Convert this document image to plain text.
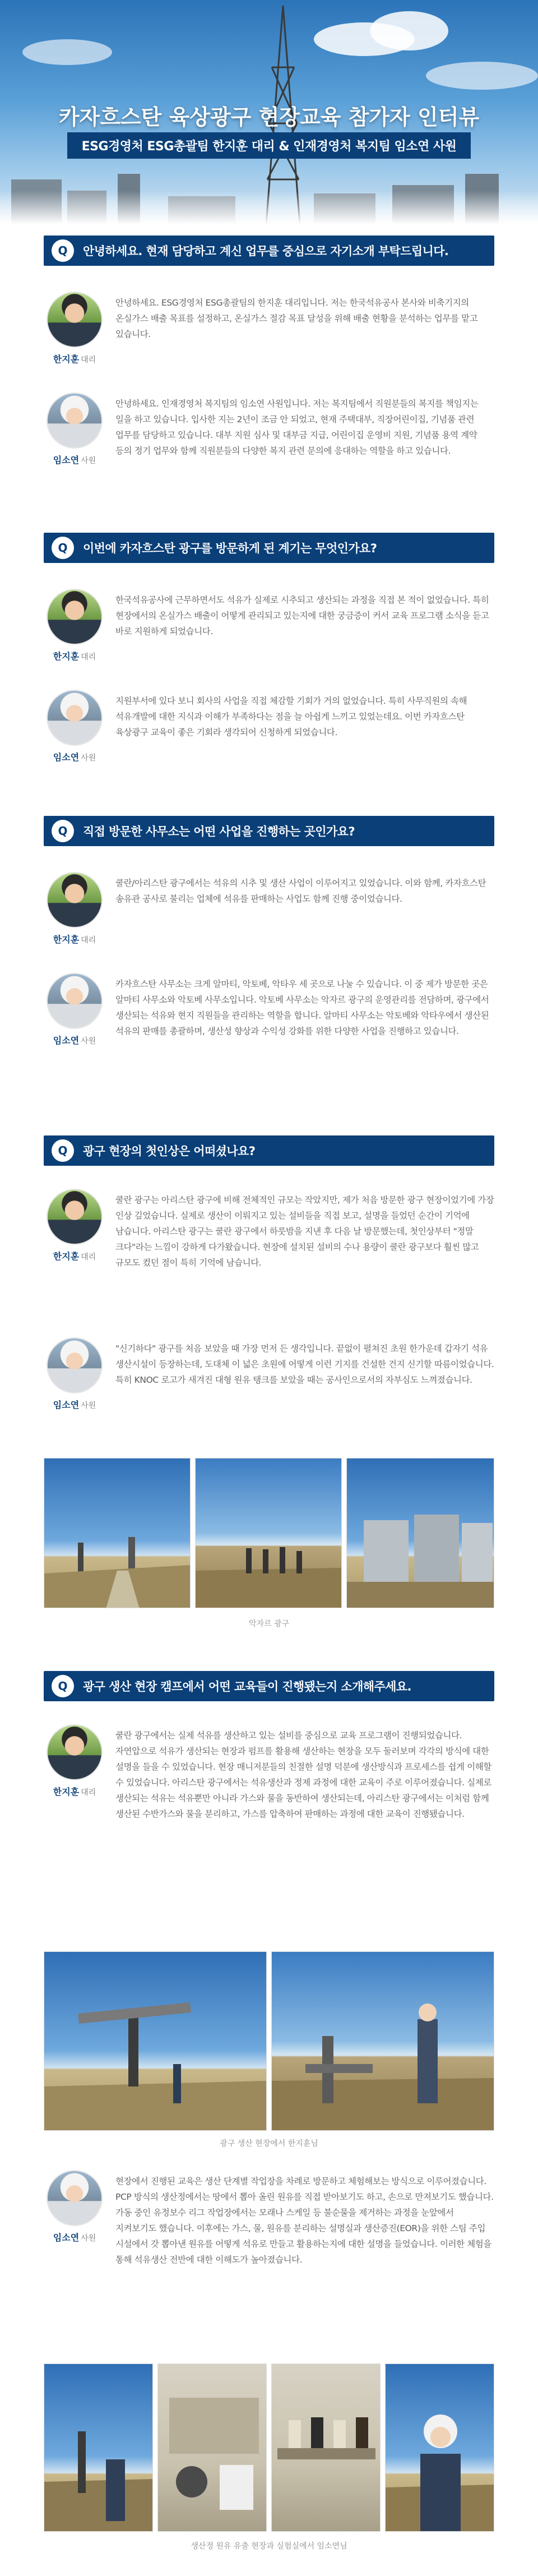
카자흐스탄 육상광구 현장교육 참가자 인터뷰
ESG경영처 ESG총괄팀 한지훈 대리 & 인재경영처 복지팀 임소연 사원
Q	안녕하세요. 현재 담당하고 계신 업무를 중심으로 자기소개 부탁드립니다.
한지훈 대리
안녕하세요. ESG경영처 ESG총괄팀의 한지훈 대리입니다. 저는 한국석유공사 본사와 비축기지의 온실가스 배출 목표를 설정하고, 온실가스 절감 목표 달성을 위해 배출 현황을 분석하는 업무를 맡고 있습니다.
임소연 사원
안녕하세요. 인재경영처 복지팀의 임소연 사원입니다. 저는 복지팀에서 직원분들의 복지를 책임지는 일을 하고 있습니다. 입사한 지는 2년이 조금 안 되었고, 현재 주택대부, 직장어린이집, 기념품 관련 업무를 담당하고 있습니다. 대부 지원 심사 및 대부금 지급, 어린이집 운영비 지원, 기념품 용역 계약 등의 정기 업무와 함께 직원분들의 다양한 복지 관련 문의에 응대하는 역할을 하고 있습니다.
Q	이번에 카자흐스탄 광구를 방문하게 된 계기는 무엇인가요?
한지훈 대리
한국석유공사에 근무하면서도 석유가 실제로 시추되고 생산되는 과정을 직접 본 적이 없었습니다. 특히 현장에서의 온실가스 배출이 어떻게 관리되고 있는지에 대한 궁금증이 커서 교육 프로그램 소식을 듣고 바로 지원하게 되었습니다.
임소연 사원
지원부서에 있다 보니 회사의 사업을 직접 체감할 기회가 거의 없었습니다. 특히 사무직원의 속해 석유개발에 대한 지식과 이해가 부족하다는 점을 늘 아쉽게 느끼고 있었는데요. 이번 카자흐스탄 육상광구 교육이 좋은 기회라 생각되어 신청하게 되었습니다.
Q	직접 방문한 사무소는 어떤 사업을 진행하는 곳인가요?
한지훈 대리
쿨란/아리스탄 광구에서는 석유의 시추 및 생산 사업이 이루어지고 있었습니다. 이와 함께, 카자흐스탄 송유관 공사로 불리는 업체에 석유를 판매하는 사업도 함께 진행 중이었습니다.
임소연 사원
카자흐스탄 사무소는 크게 알마티, 악토베, 악타우 세 곳으로 나눌 수 있습니다. 이 중 제가 방문한 곳은 알마티 사무소와 악토베 사무소입니다. 악토베 사무소는 악자르 광구의 운영관리를 전담하며, 광구에서 생산되는 석유와 현지 직원들을 관리하는 역할을 합니다. 알마티 사무소는 악토베와 악타우에서 생산된 석유의 판매를 총괄하며, 생산성 향상과 수익성 강화를 위한 다양한 사업을 진행하고 있습니다.
Q	광구 현장의 첫인상은 어떠셨나요?
한지훈 대리
쿨란 광구는 아리스탄 광구에 비해 전체적인 규모는 작았지만, 제가 처음 방문한 광구 현장이었기에 가장 인상 깊었습니다. 실제로 생산이 이뤄지고 있는 설비들을 직접 보고, 설명을 들었던 순간이 기억에 남습니다. 아리스탄 광구는 쿨란 광구에서 하룻밤을 지낸 후 다음 날 방문했는데, 첫인상부터 "정말 크다"라는 느낌이 강하게 다가왔습니다. 현장에 설치된 설비의 수나 용량이 쿨란 광구보다 훨씬 많고 규모도 컸던 점이 특히 기억에 남습니다.
임소연 사원
"신기하다" 광구를 처음 보았을 때 가장 먼저 든 생각입니다. 끝없이 펼쳐진 초원 한가운데 갑자기 석유 생산시설이 등장하는데, 도대체 이 넓은 초원에 어떻게 이런 기지를 건설한 건지 신기할 따름이었습니다. 특히 KNOC 로고가 새겨진 대형 원유 탱크를 보았을 때는 공사인으로서의 자부심도 느껴졌습니다.
악자르 광구
Q	광구 생산 현장 캠프에서 어떤 교육들이 진행됐는지 소개해주세요.
한지훈 대리
쿨란 광구에서는 실제 석유를 생산하고 있는 설비를 중심으로 교육 프로그램이 진행되었습니다. 자연압으로 석유가 생산되는 현장과 펌프를 활용해 생산하는 현장을 모두 둘러보며 각각의 방식에 대한 설명을 들을 수 있었습니다. 현장 매니저분들의 친절한 설명 덕분에 생산방식과 프로세스를 쉽게 이해할 수 있었습니다. 아리스탄 광구에서는 석유생산과 정제 과정에 대한 교육이 주로 이루어졌습니다. 실제로 생산되는 석유는 석유뿐만 아니라 가스와 물을 동반하여 생산되는데, 아리스탄 광구에서는 이처럼 함께 생산된 수반가스와 물을 분리하고, 가스를 압축하여 판매하는 과정에 대한 교육이 진행됐습니다.
광구 생산 현장에서 한지훈님
임소연 사원
현장에서 진행된 교육은 생산 단계별 작업장을 차례로 방문하고 체험해보는 방식으로 이루어졌습니다. PCP 방식의 생산정에서는 땅에서 뽑아 올린 원유를 직접 받아보기도 하고, 손으로 만져보기도 했습니다. 가동 중인 유정보수 리그 작업장에서는 모래나 스케일 등 불순물을 제거하는 과정을 눈앞에서 지켜보기도 했습니다. 이후에는 가스, 물, 원유를 분리하는 설명실과 생산증진(EOR)을 위한 스팀 주입 시설에서 갓 뽑아낸 원유를 어떻게 석유로 만들고 활용하는지에 대한 설명을 들었습니다. 이러한 체험을 통해 석유생산 전반에 대한 이해도가 높아졌습니다.
생산정 원유 유출 현장과 실험실에서 임소연님
